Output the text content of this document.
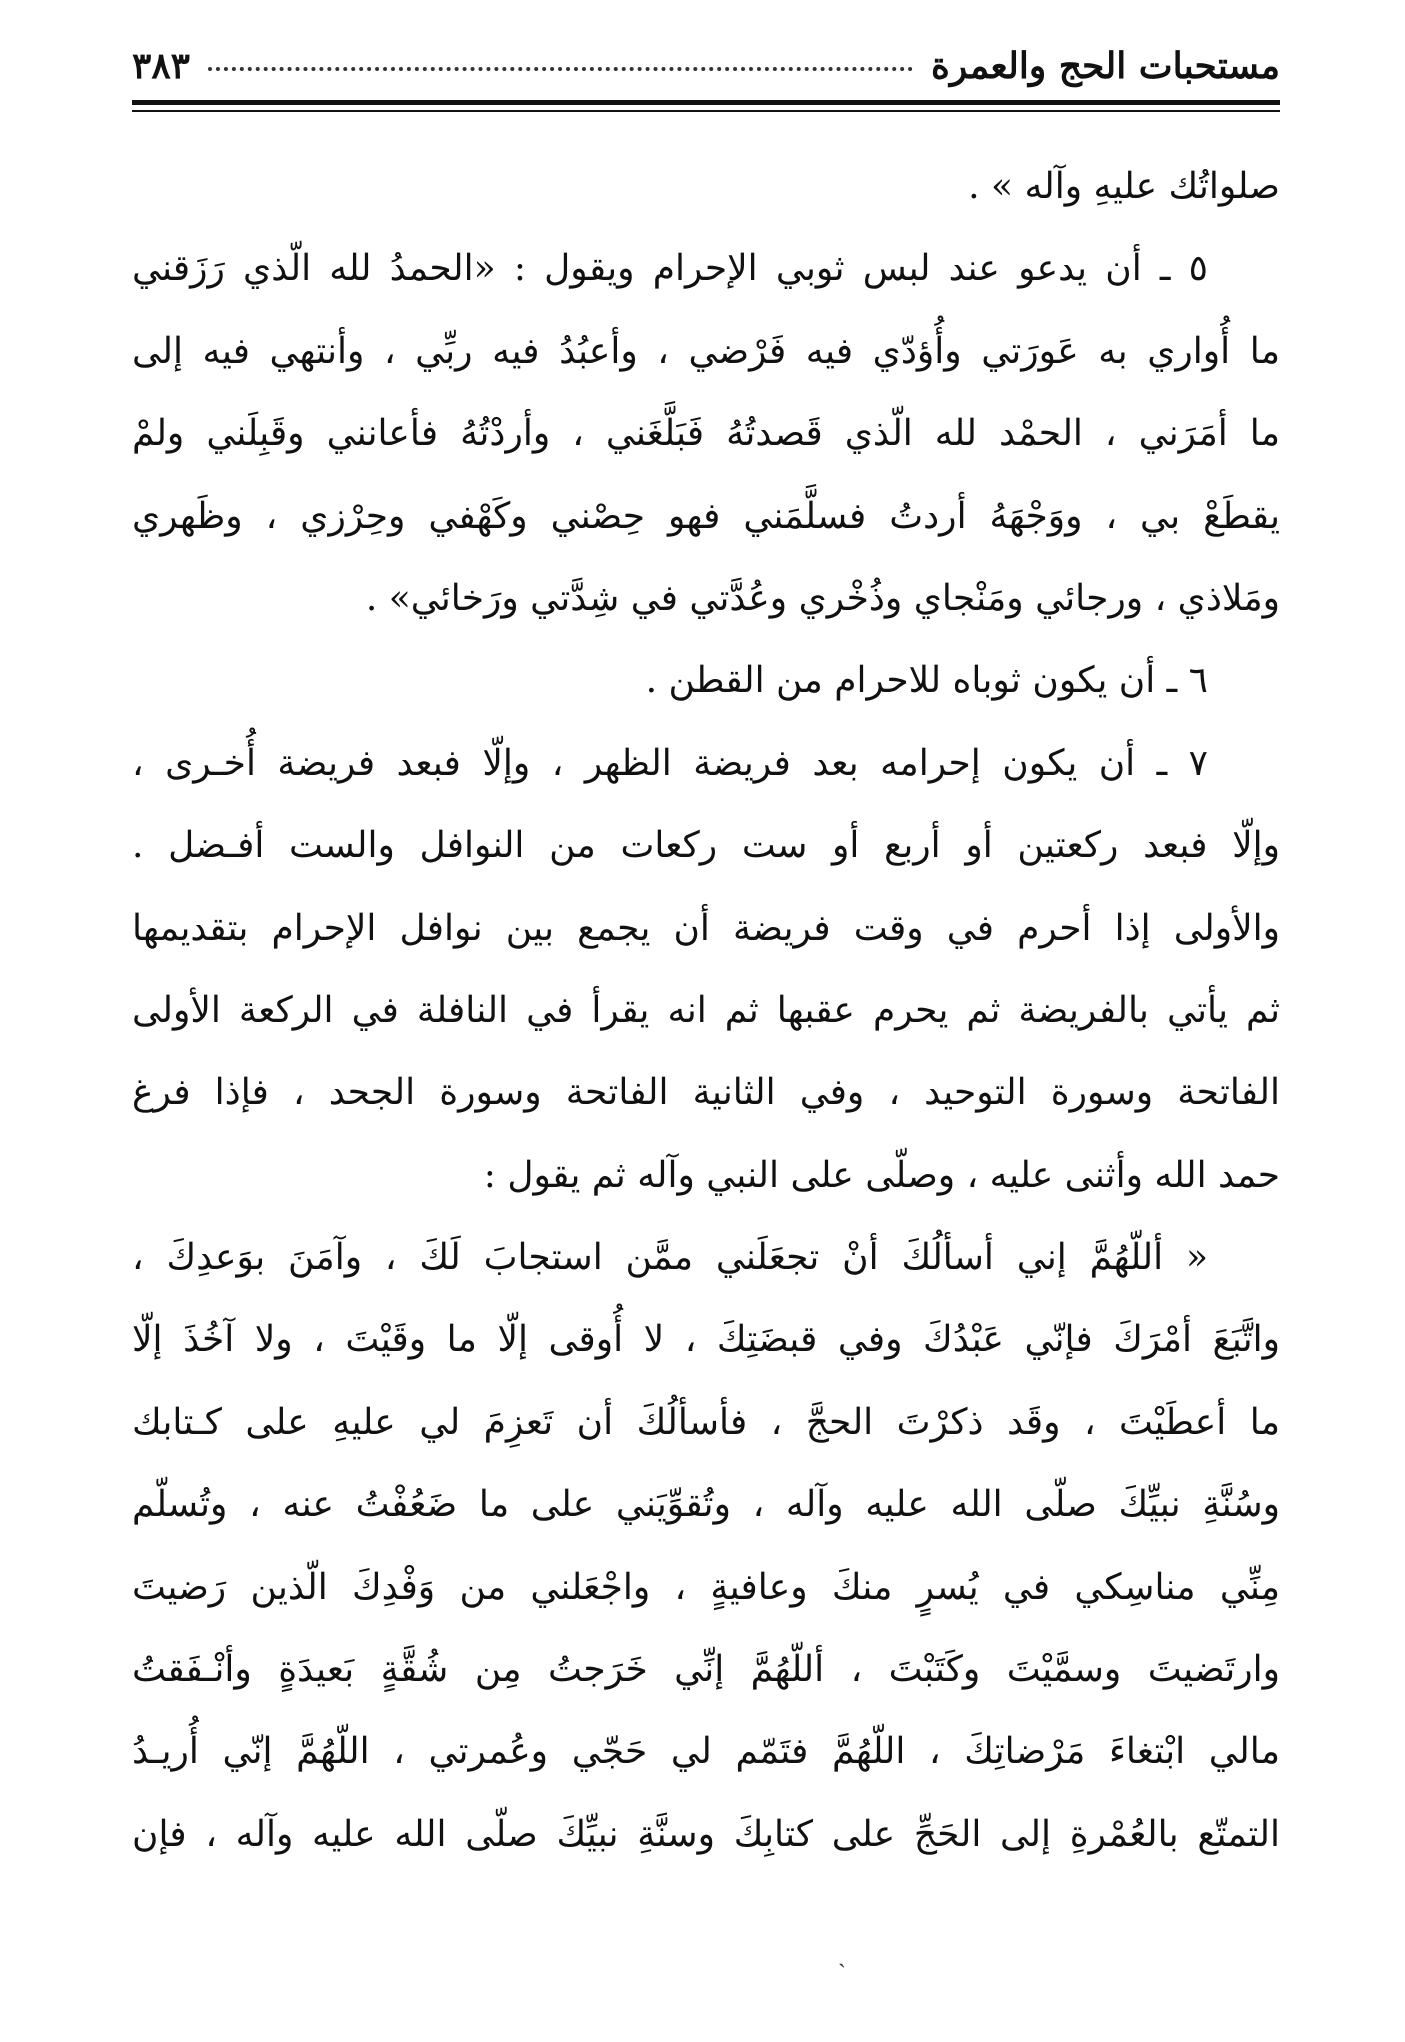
مستحبات الحج والعمرة
٣٨٣
صلواتُك عليهِ وآله » .
٥ ـ أن يدعو عند لبس ثوبي الإحرام ويقول : «الحمدُ لله الّذي رَزَقني
ما أُواري به عَورَتي وأُؤدّي فيه فَرْضي ، وأعبُدُ فيه ربِّي ، وأنتهي فيه إلى
ما أمَرَني ، الحمْد لله الّذي قَصدتُهُ فَبَلَّغَني ، وأردْتُهُ فأعانني وقَبِلَني ولمْ
يقطَعْ بي ، ووَجْهَهُ أردتُ فسلَّمَني فهو حِصْني وكَهْفي وحِرْزي ، وظَهري
ومَلاذي ، ورجائي ومَنْجاي وذُخْري وعُدَّتي في شِدَّتي ورَخائي» .
٦ ـ أن يكون ثوباه للاحرام من القطن .
٧ ـ أن يكون إحرامه بعد فريضة الظهر ، وإلّا فبعد فريضة أُخـرى ،
وإلّا فبعد ركعتين أو أربع أو ست ركعات من النوافل والست أفـضل .
والأولى إذا أحرم في وقت فريضة أن يجمع بين نوافل الإحرام بتقديمها
ثم يأتي بالفريضة ثم يحرم عقبها ثم انه يقرأ في النافلة في الركعة الأولى
الفاتحة وسورة التوحيد ، وفي الثانية الفاتحة وسورة الجحد ، فإذا فرغ
حمد الله وأثنى عليه ، وصلّى على النبي وآله ثم يقول :
« أللّهُمَّ إني أسألُكَ أنْ تجعَلَني ممَّن استجابَ لَكَ ، وآمَنَ بوَعدِكَ ،
واتَّبَعَ أمْرَكَ فإنّي عَبْدُكَ وفي قبضَتِكَ ، لا أُوقى إلّا ما وقَيْتَ ، ولا آخُذَ إلّا
ما أعطَيْتَ ، وقَد ذكرْتَ الحجَّ ، فأسألُكَ أن تَعزِمَ لي عليهِ على كـتابك
وسُنَّةِ نبيِّكَ صلّى الله عليه وآله ، وتُقوِّيَني على ما ضَعُفْتُ عنه ، وتُسلّم
مِنِّي مناسِكي في يُسرٍ منكَ وعافيةٍ ، واجْعَلني من وَفْدِكَ الّذين رَضيتَ
وارتَضيتَ وسمَّيْتَ وكَتَبْتَ ، أللّهُمَّ إنِّي خَرَجتُ مِن شُقَّةٍ بَعيدَةٍ وأنْـفَقتُ
مالي ابْتغاءَ مَرْضاتِكَ ، اللّهُمَّ فتَمّم لي حَجّي وعُمرتي ، اللّهُمَّ إنّي أُريـدُ
التمتّع بالعُمْرةِ إلى الحَجِّ على كتابِكَ وسنَّةِ نبيِّكَ صلّى الله عليه وآله ، فإن
ˎ
